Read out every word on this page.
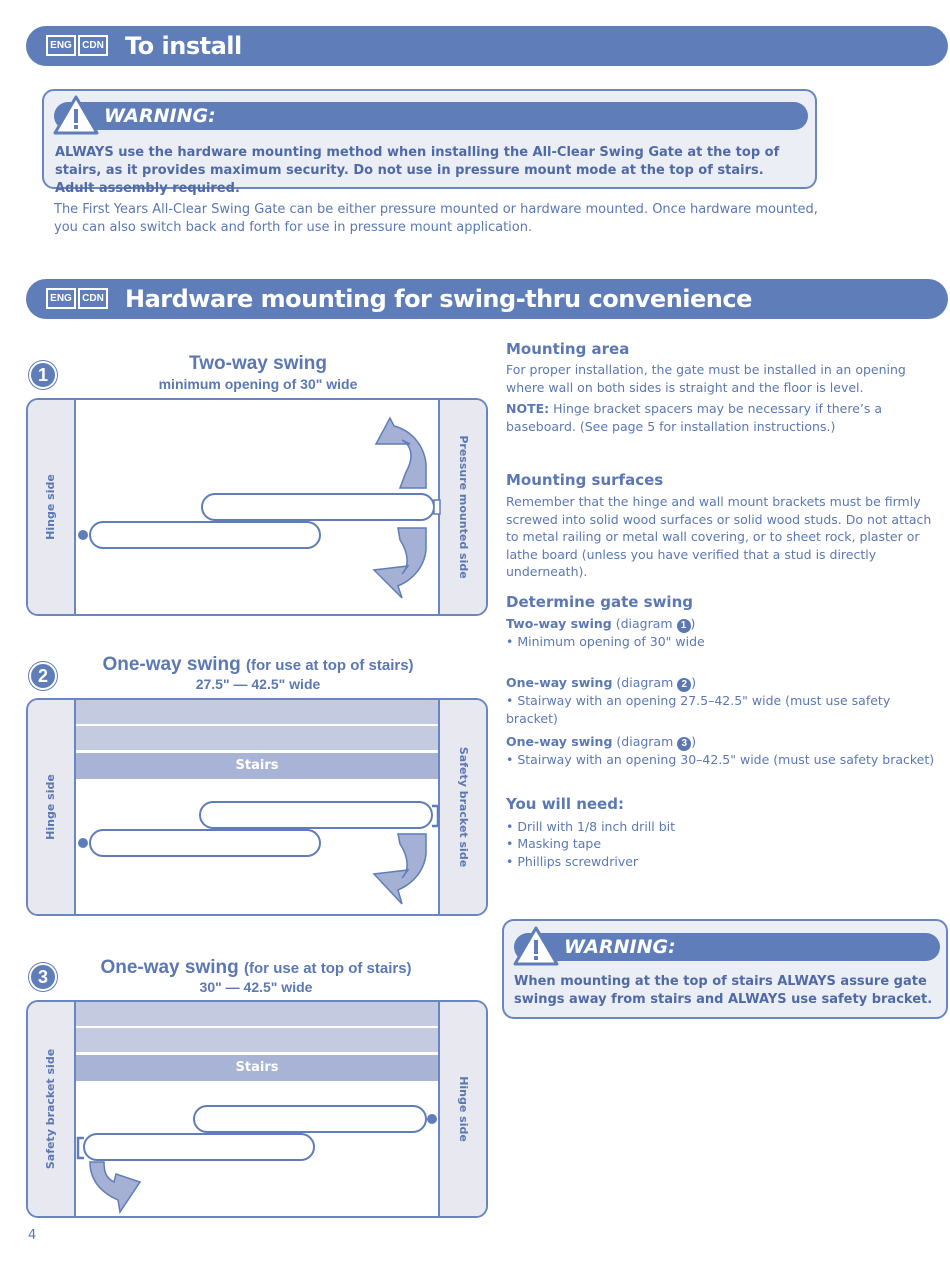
ENG	CDN To install
WARNING:
ALWAYS use the hardware mounting method when installing the All-Clear Swing Gate at the top of stairs, as it provides maximum security. Do not use in pressure mount mode at the top of stairs. Adult assembly required.
The First Years All-Clear Swing Gate can be either pressure mounted or hardware mounted. Once hardware mounted, you can also switch back and forth for use in pressure mount application.
ENG	CDN Hardware mounting for swing-thru convenience
1
Two-way swing
minimum opening of 30" wide
Hinge side	Pressure mounted side
2
One-way swing (for use at top of stairs)
27.5" — 42.5" wide
Hinge side	Safety bracket side
Stairs
3	One-way swing (for use at top of stairs)
30" — 42.5" wide
Safety bracket side	Hinge side
Stairs
Mounting area
For proper installation, the gate must be installed in an opening where wall on both sides is straight and the floor is level.
NOTE: Hinge bracket spacers may be necessary if there’s a baseboard. (See page 5 for installation instructions.)
Mounting surfaces
Remember that the hinge and wall mount brackets must be firmly screwed into solid wood surfaces or solid wood studs. Do not attach to metal railing or metal wall covering, or to sheet rock, plaster or lathe board (unless you have verified that a stud is directly underneath).
Determine gate swing
Two-way swing (diagram 1 )
• Minimum opening of 30" wide
One-way swing (diagram 2 )
• Stairway with an opening 27.5–42.5" wide (must use safety bracket)
One-way swing (diagram 3 )
• Stairway with an opening 30–42.5" wide (must use safety bracket)
You will need:
• Drill with 1/8 inch drill bit
• Masking tape
• Phillips screwdriver
WARNING:
When mounting at the top of stairs ALWAYS assure gate swings away from stairs and ALWAYS use safety bracket.
4
